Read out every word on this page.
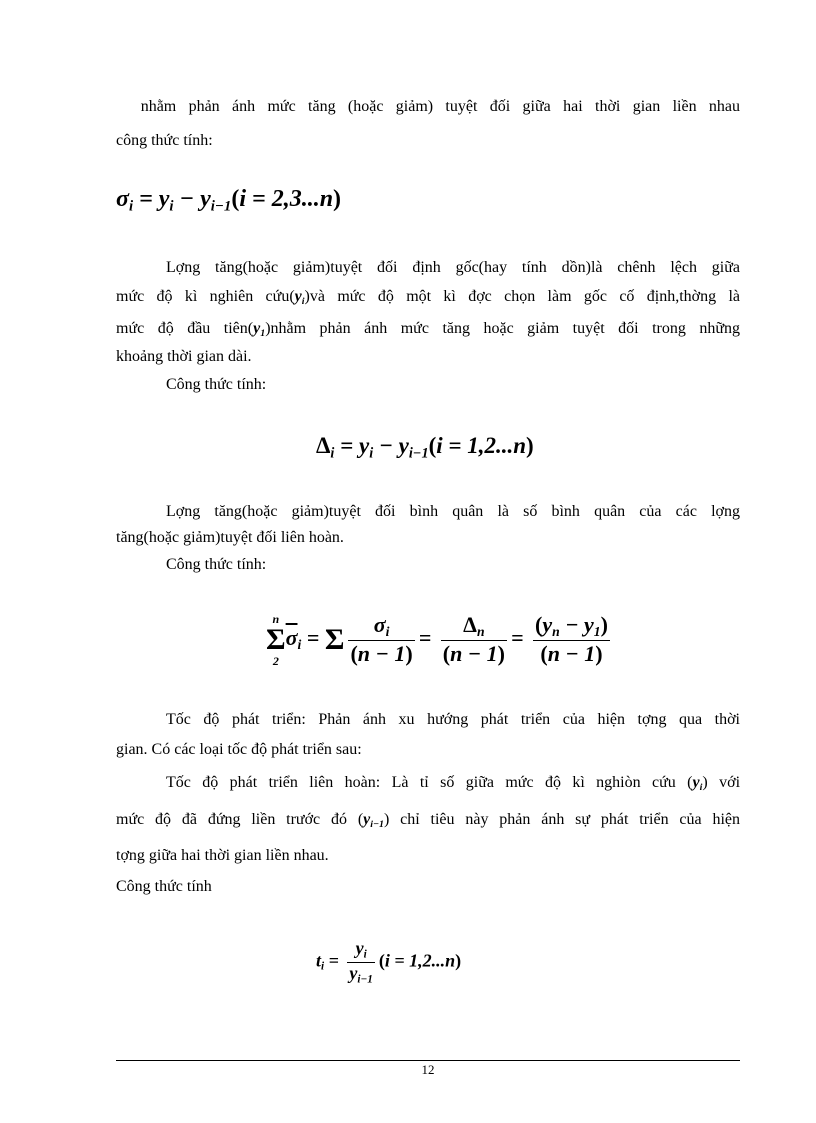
nhằm phản ánh mức tăng (hoặc giảm) tuyệt đối giữa hai thời gian liền nhau
công thức tính:
$\sigma_i = y_i - y_{i-1}(i = 2,3...n)$
Lợng tăng(hoặc giảm)tuyệt đối định gốc(hay tính dồn)là chênh lệch giữa
mức độ kì nghiên $cứu(y_i)và$ mức độ một kì đợc chọn làm gốc cố định,thờng là
mức độ đầu $tiên(y_1)nhằm$ phản ánh mức tăng hoặc giảm tuyệt đối trong những
khoảng thời gian dài.
Công thức tính:
$\Delta_i = y_i - y_{i-1}(i = 1,2...n)$
Lợng tăng(hoặc giảm)tuyệt đối bình quân là số bình quân của các lợng
tăng(hoặc giảm)tuyệt đối liên hoàn.
Công thức tính:
n
Σ
2
$\overline{\sigma}_i = \Sigma \frac{\sigma_i}{(n - 1)} = \frac{\Delta_n}{(n - 1)} = \frac{(y_n - y_1)}{(n - 1)}$
Tốc độ phát triển: Phản ánh xu hướng phát triển của hiện tợng qua thời
gian. Có các loại tốc độ phát triển sau:
Tốc độ phát triển liên hoàn: Là tỉ số giữa mức độ kì nghiòn cứu $(y_i)$ với
mức độ đã đứng liền trước đó $(y_{i-1})$ chỉ tiêu này phản ánh sự phát triển của hiện
tợng giữa hai thời gian liền nhau.
Công thức tính
$t_i = \frac{y_i}{y_{i-1}} (i = 1,2...n)$
12
